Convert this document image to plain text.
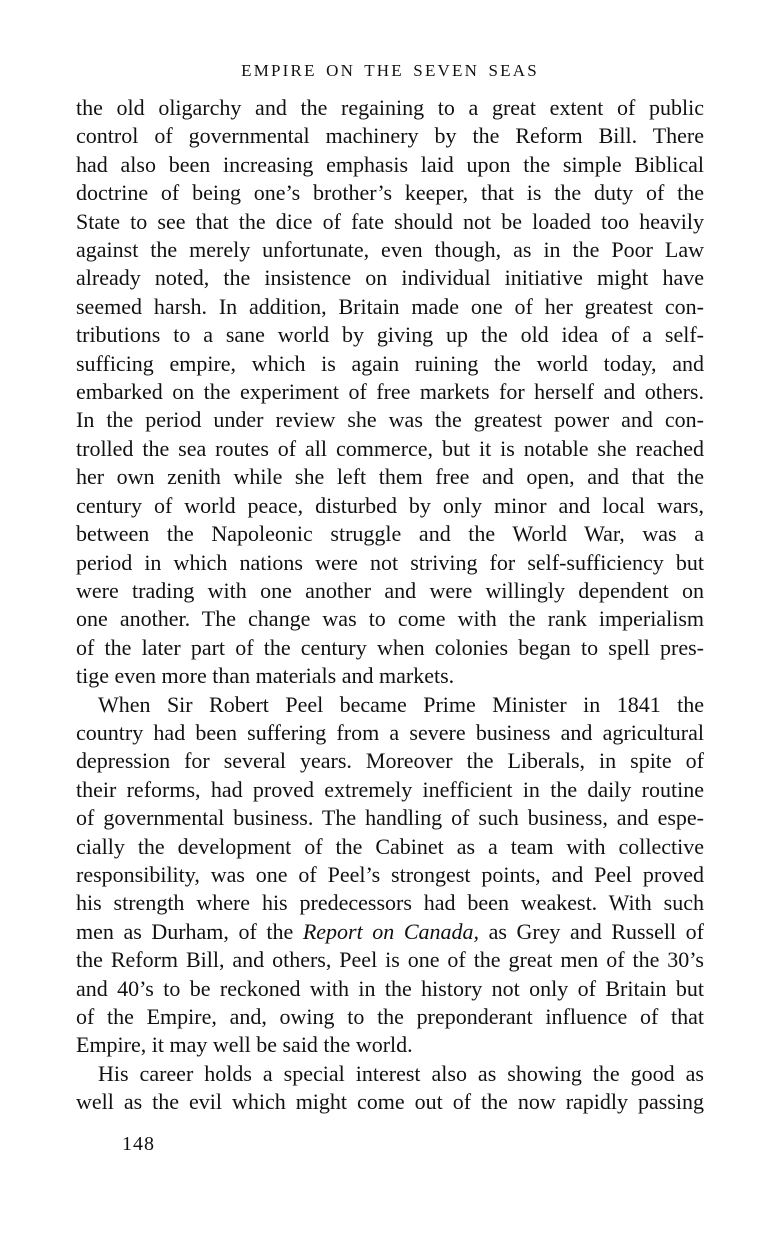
EMPIRE ON THE SEVEN SEAS

the old oligarchy and the regaining to a great extent of public
control of governmental machinery by the Reform Bill. There
had also been increasing emphasis laid upon the simple Biblical
doctrine of being one’s brother’s keeper, that is the duty of the
State to see that the dice of fate should not be loaded too heavily
against the merely unfortunate, even though, as in the Poor Law
already noted, the insistence on individual initiative might have
seemed harsh. In addition, Britain made one of her greatest con-
tributions to a sane world by giving up the old idea of a self-
sufficing empire, which is again ruining the world today, and
embarked on the experiment of free markets for herself and others.
In the period under review she was the greatest power and con-
trolled the sea routes of all commerce, but it is notable she reached
her own zenith while she left them free and open, and that the
century of world peace, disturbed by only minor and local wars,
between the Napoleonic struggle and the World War, was a
period in which nations were not striving for self-sufficiency but
were trading with one another and were willingly dependent on
one another. The change was to come with the rank imperialism
of the later part of the century when colonies began to spell pres-
tige even more than materials and markets.

When Sir Robert Peel became Prime Minister in 1841 the
country had been suffering from a severe business and agricultural
depression for several years. Moreover the Liberals, in spite of
their reforms, had proved extremely inefficient in the daily routine
of governmental business. The handling of such business, and espe-
cially the development of the Cabinet as a team with collective
responsibility, was one of Peel’s strongest points, and Peel proved
his strength where his predecessors had been weakest. With such
men as Durham, of the Report on Canada, as Grey and Russell of
the Reform Bill, and others, Peel is one of the great men of the 30’s
and 40’s to be reckoned with in the history not only of Britain but
of the Empire, and, owing to the preponderant influence of that
Empire, it may well be said the world.

His career holds a special interest also as showing the good as
well as the evil which might come out of the now rapidly passing

148
